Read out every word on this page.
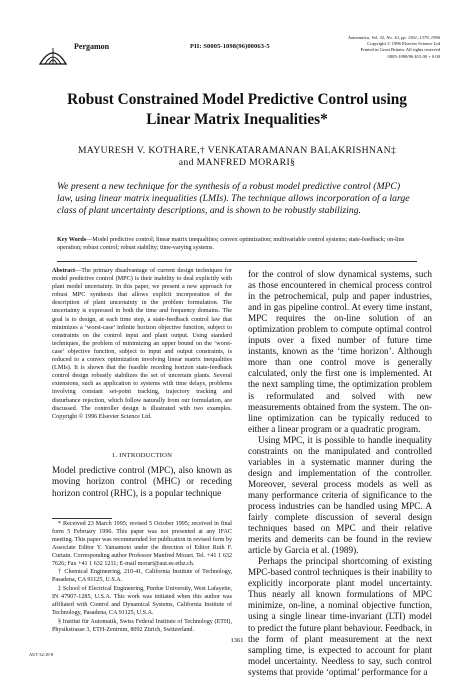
Pergamon	PII: S0005-1098(96)00063-5
Automatica, Vol. 32, No. 10, pp. 1361–1379, 1996
Copyright © 1996 Elsevier Science Ltd
Printed in Great Britain. All rights reserved
0005-1098/96 $15.00 + 0.00
Robust Constrained Model Predictive Control using
Linear Matrix Inequalities*
MAYURESH V. KOTHARE,† VENKATARAMANAN BALAKRISHNAN‡
and MANFRED MORARI§
We present a new technique for the synthesis of a robust model predictive control (MPC) law, using linear matrix inequalities (LMIs). The technique allows incorporation of a large class of plant uncertainty descriptions, and is shown to be robustly stabilizing.
Key Words—Model predictive control; linear matrix inequalities; convex optimization; multivariable control systems; state-feedback; on-line operation; robust control; robust stability; time-varying systems.
Abstract—The primary disadvantage of current design techniques for model predictive control (MPC) is their inability to deal explicitly with plant model uncertainty. In this paper, we present a new approach for robust MPC synthesis that allows explicit incorporation of the description of plant uncertainty in the problem formulation. The uncertainty is expressed in both the time and frequency domains. The goal is to design, at each time step, a state-feedback control law that minimizes a ‘worst-case’ infinite horizon objective function, subject to constraints on the control input and plant output. Using standard techniques, the problem of minimizing an upper bound on the ‘worst-case’ objective function, subject to input and output constraints, is reduced to a convex optimization involving linear matrix inequalities (LMIs). It is shown that the feasible receding horizon state-feedback control design robustly stabilizes the set of uncertain plants. Several extensions, such as application to systems with time delays, problems involving constant set-point tracking, trajectory tracking and disturbance rejection, which follow naturally from our formulation, are discussed. The controller design is illustrated with two examples. Copyright © 1996 Elsevier Science Ltd.
1. INTRODUCTION
Model predictive control (MPC), also known as moving horizon control (MHC) or receding horizon control (RHC), is a popular technique

* Received 23 March 1995; revised 5 October 1995; received in final form 5 February 1996. This paper was not presented at any IFAC meeting. This paper was recommended for publication in revised form by Associate Editor Y. Yamamoto under the direction of Editor Ruth F. Curtain. Corresponding author Professor Manfred Morari. Tel. +41 1 632 7626; Fax +41 1 632 1211; E-mail morari@aut.ee.ethz.ch.

† Chemical Engineering, 210-41, California Institute of Technology, Pasadena, CA 91125, U.S.A.

‡ School of Electrical Engineering, Purdue University, West Lafayette, IN 47907-1285, U.S.A. This work was initiated when this author was affiliated with Control and Dynamical Systems, California Institute of Technology, Pasadena, CA 91125, U.S.A.

§ Institut für Automatik, Swiss Federal Institute of Technology (ETH), Physikstrasse 3, ETH-Zentrum, 8092 Zürich, Switzerland.

for the control of slow dynamical systems, such as those encountered in chemical process control in the petrochemical, pulp and paper industries, and in gas pipeline control. At every time instant, MPC requires the on-line solution of an optimization problem to compute optimal control inputs over a fixed number of future time instants, known as the ‘time horizon’. Although more than one control move is generally calculated, only the first one is implemented. At the next sampling time, the optimization problem is reformulated and solved with new measurements obtained from the system. The on-line optimization can be typically reduced to either a linear program or a quadratic program.

Using MPC, it is possible to handle inequality constraints on the manipulated and controlled variables in a systematic manner during the design and implementation of the controller. Moreover, several process models as well as many performance criteria of significance to the process industries can be handled using MPC. A fairly complete discussion of several design techniques based on MPC and their relative merits and demerits can be found in the review article by Garcia et al. (1989).

Perhaps the principal shortcoming of existing MPC-based control techniques is their inability to explicitly incorporate plant model uncertainty. Thus nearly all known formulations of MPC minimize, on-line, a nominal objective function, using a single linear time-invariant (LTI) model to predict the future plant behaviour. Feedback, in the form of plant measurement at the next sampling time, is expected to account for plant model uncertainty. Needless to say, such control systems that provide ‘optimal’ performance for a

1361
AUT 32:10-8
